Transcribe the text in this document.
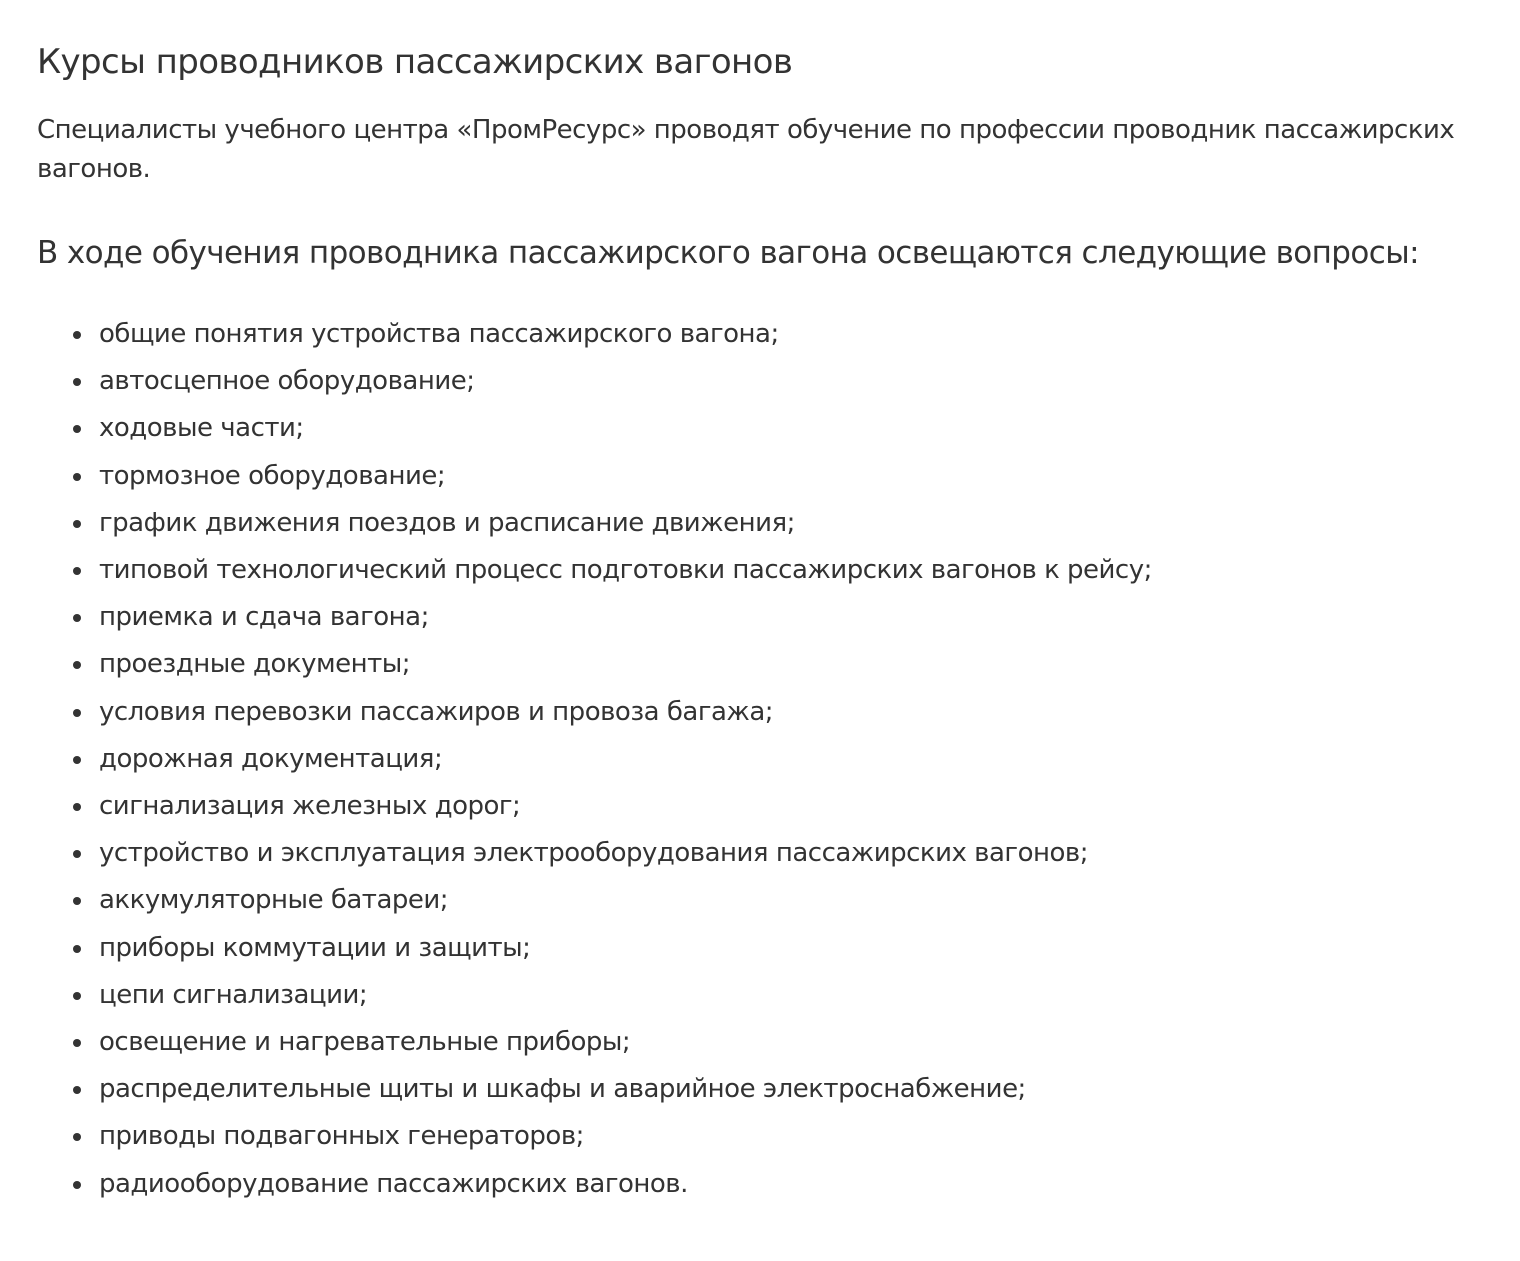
Курсы проводников пассажирских вагонов

Специалисты учебного центра «ПромРесурс» проводят обучение по профессии проводник пассажирских вагонов.

В ходе обучения проводника пассажирского вагона освещаются следующие вопросы:
общие понятия устройства пассажирского вагона;
автосцепное оборудование;
ходовые части;
тормозное оборудование;
график движения поездов и расписание движения;
типовой технологический процесс подготовки пассажирских вагонов к рейсу;
приемка и сдача вагона;
проездные документы;
условия перевозки пассажиров и провоза багажа;
дорожная документация;
сигнализация железных дорог;
устройство и эксплуатация электрооборудования пассажирских вагонов;
аккумуляторные батареи;
приборы коммутации и защиты;
цепи сигнализации;
освещение и нагревательные приборы;
распределительные щиты и шкафы и аварийное электроснабжение;
приводы подвагонных генераторов;
радиооборудование пассажирских вагонов.
